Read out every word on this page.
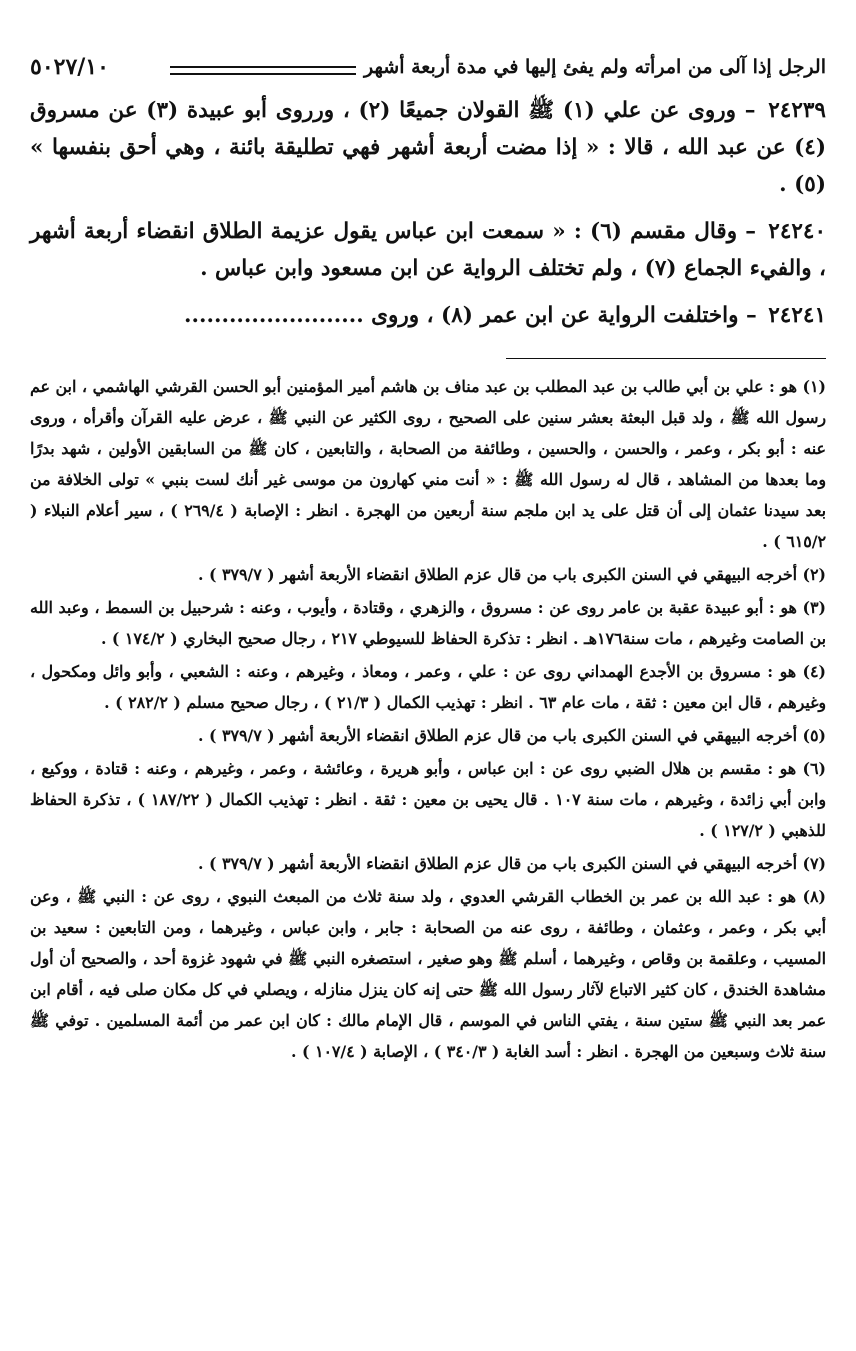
الرجل إذا آلى من امرأته ولم يفئ إليها في مدة أربعة أشهر
٥٠٢٧/١٠

٢٤٢٣٩ – وروى عن علي (١) ﷺ القولان جميعًا (٢) ، ورروى أبو عبيدة (٣) عن مسروق (٤) عن عبد الله ، قالا : « إذا مضت أربعة أشهر فهي تطليقة بائنة ، وهي أحق بنفسها » (٥) .

٢٤٢٤٠ – وقال مقسم (٦) : « سمعت ابن عباس يقول عزيمة الطلاق انقضاء أربعة أشهر ، والفيء الجماع (٧) ، ولم تختلف الرواية عن ابن مسعود وابن عباس .

٢٤٢٤١ – واختلفت الرواية عن ابن عمر (٨) ، وروى ........................

(١) هو : علي بن أبي طالب بن عبد المطلب بن عبد مناف بن هاشم أمير المؤمنين أبو الحسن القرشي الهاشمي ، ابن عم رسول الله ﷺ ، ولد قبل البعثة بعشر سنين على الصحيح ، روى الكثير عن النبي ﷺ ، عرض عليه القرآن وأقرأه ، وروى عنه : أبو بكر ، وعمر ، والحسن ، والحسين ، وطائفة من الصحابة ، والتابعين ، كان ﷺ من السابقين الأولين ، شهد بدرًا وما بعدها من المشاهد ، قال له رسول الله ﷺ : « أنت مني كهارون من موسى غير أنك لست بنبي » تولى الخلافة من بعد سيدنا عثمان إلى أن قتل على يد ابن ملجم سنة أربعين من الهجرة . انظر : الإصابة ( ٢٦٩/٤ ) ، سير أعلام النبلاء ( ٦١٥/٢ ) .

(٢) أخرجه البيهقي في السنن الكبرى باب من قال عزم الطلاق انقضاء الأربعة أشهر ( ٣٧٩/٧ ) .

(٣) هو : أبو عبيدة عقبة بن عامر روى عن : مسروق ، والزهري ، وقتادة ، وأيوب ، وعنه : شرحبيل بن السمط ، وعبد الله بن الصامت وغيرهم ، مات سنة١٧٦هـ . انظر : تذكرة الحفاظ للسيوطي ٢١٧ ، رجال صحيح البخاري ( ١٧٤/٢ ) .

(٤) هو : مسروق بن الأجدع الهمداني روى عن : علي ، وعمر ، ومعاذ ، وغيرهم ، وعنه : الشعبي ، وأبو وائل ومكحول ، وغيرهم ، قال ابن معين : ثقة ، مات عام ٦٣ . انظر : تهذيب الكمال ( ٢١/٣ ) ، رجال صحيح مسلم ( ٢٨٢/٢ ) .

(٥) أخرجه البيهقي في السنن الكبرى باب من قال عزم الطلاق انقضاء الأربعة أشهر ( ٣٧٩/٧ ) .

(٦) هو : مقسم بن هلال الضبي روى عن : ابن عباس ، وأبو هريرة ، وعائشة ، وعمر ، وغيرهم ، وعنه : قتادة ، ووكيع ، وابن أبي زائدة ، وغيرهم ، مات سنة ١٠٧ . قال يحيى بن معين : ثقة . انظر : تهذيب الكمال ( ١٨٧/٢٢ ) ، تذكرة الحفاظ للذهبي ( ١٢٧/٢ ) .

(٧) أخرجه البيهقي في السنن الكبرى باب من قال عزم الطلاق انقضاء الأربعة أشهر ( ٣٧٩/٧ ) .

(٨) هو : عبد الله بن عمر بن الخطاب القرشي العدوي ، ولد سنة ثلاث من المبعث النبوي ، روى عن : النبي ﷺ ، وعن أبي بكر ، وعمر ، وعثمان ، وطائفة ، روى عنه من الصحابة : جابر ، وابن عباس ، وغيرهما ، ومن التابعين : سعيد بن المسيب ، وعلقمة بن وقاص ، وغيرهما ، أسلم ﷺ وهو صغير ، استصغره النبي ﷺ في شهود غزوة أحد ، والصحيح أن أول مشاهدة الخندق ، كان كثير الاتباع لآثار رسول الله ﷺ حتى إنه كان ينزل منازله ، ويصلي في كل مكان صلى فيه ، أقام ابن عمر بعد النبي ﷺ ستين سنة ، يفتي الناس في الموسم ، قال الإمام مالك : كان ابن عمر من أئمة المسلمين . توفي ﷺ سنة ثلاث وسبعين من الهجرة . انظر : أسد الغابة ( ٣٤٠/٣ ) ، الإصابة ( ١٠٧/٤ ) .
